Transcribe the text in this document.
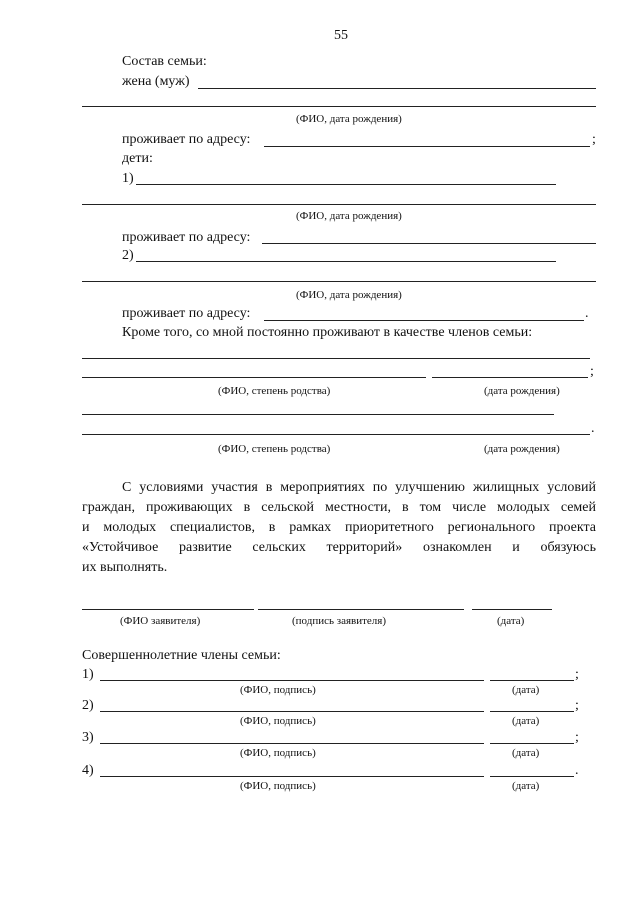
55
Состав семьи:
жена (муж)
(ФИО, дата рождения)
проживает по адресу:	;
дети:
1)
(ФИО, дата рождения)
проживает по адресу:
2)
(ФИО, дата рождения)
проживает по адресу:	.
Кроме того, со мной постоянно проживают в качестве членов семьи:
;
(ФИО, степень родства)	(дата рождения)
.
(ФИО, степень родства)	(дата рождения)
С условиями участия в мероприятиях по улучшению жилищных условий
граждан, проживающих в сельской местности, в том числе молодых семей
и молодых специалистов, в рамках приоритетного регионального проекта
«Устойчивое развитие сельских территорий» ознакомлен и обязуюсь
их выполнять.
(ФИО заявителя)	(подпись заявителя)	(дата)
Совершеннолетние члены семьи:
1)	;
(ФИО, подпись)	(дата)
2)	;
(ФИО, подпись)	(дата)
3)	;
(ФИО, подпись)	(дата)
4)	.
(ФИО, подпись)	(дата)
